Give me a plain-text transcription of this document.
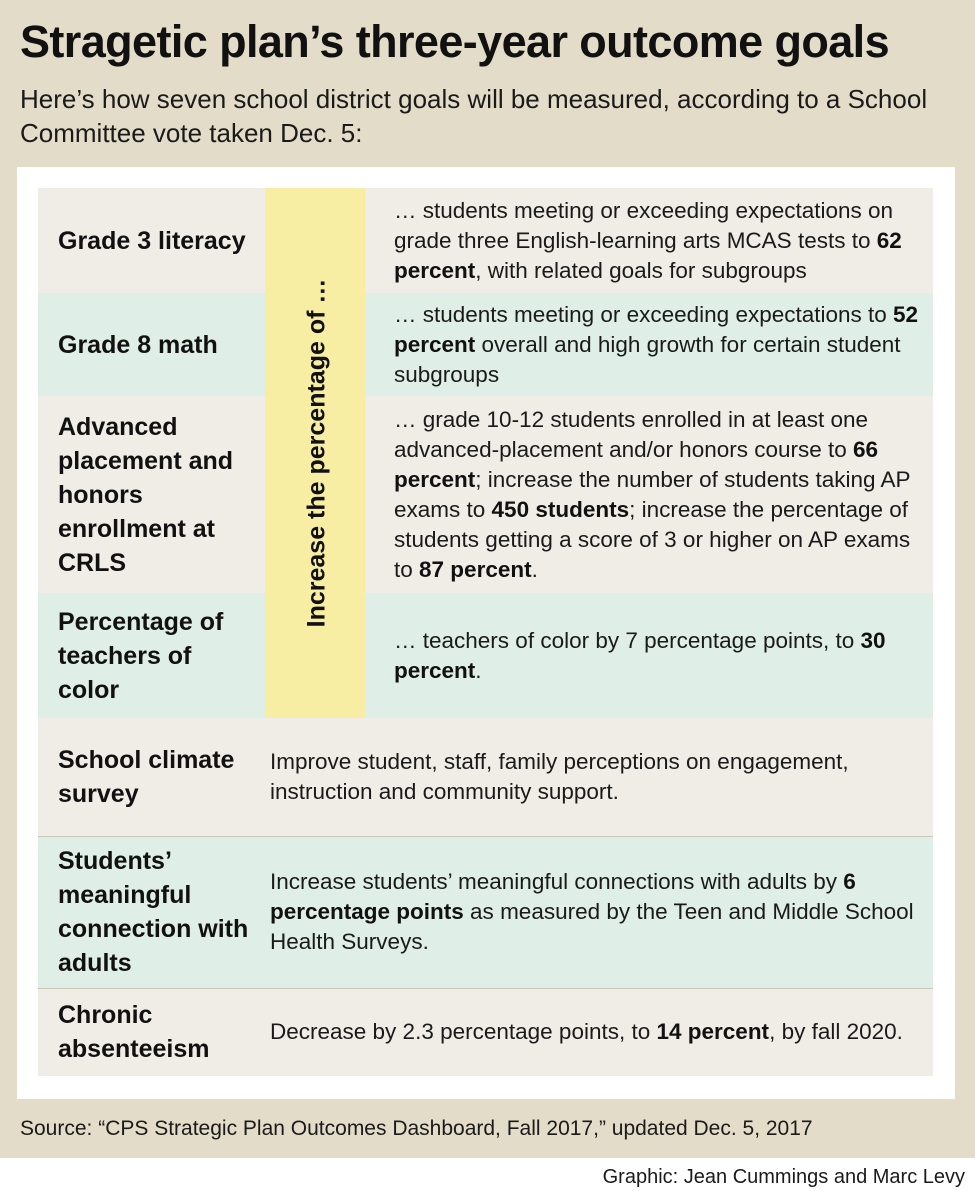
Stragetic plan’s three-year outcome goals
Here’s how seven school district goals will be measured, according to a School Committee vote taken Dec. 5:
Grade 3 literacy
… students meeting or exceeding expectations on grade three English-learning arts MCAS tests to 62 percent, with related goals for subgroups
Grade 8 math
… students meeting or exceeding expectations to 52 percent overall and high growth for certain student subgroups
Advanced placement and honors enrollment at CRLS
… grade 10-12 students enrolled in at least one advanced-placement and/or honors course to 66 percent; increase the number of students taking AP exams to 450 students; increase the percentage of students getting a score of 3 or higher on AP exams to 87 percent.
Percentage of teachers of color
… teachers of color by 7 percentage points, to 30 percent.
School climate survey
Improve student, staff, family perceptions on engagement, instruction and community support.
Students’ meaningful connection with adults
Increase students’ meaningful connections with adults by 6 percentage points as measured by the Teen and Middle School Health Surveys.
Chronic absenteeism
Decrease by 2.3 percentage points, to 14 percent, by fall 2020.
Increase the percentage of …
Source: “CPS Strategic Plan Outcomes Dashboard, Fall 2017,” updated Dec. 5, 2017
Graphic: Jean Cummings and Marc Levy
